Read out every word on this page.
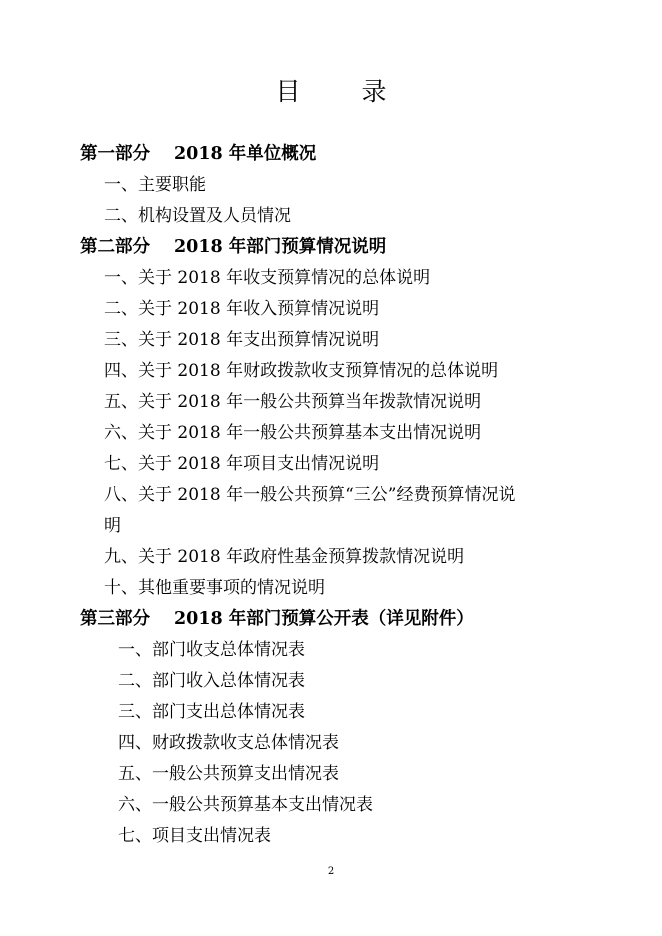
目　录
第一部分 2018 年单位概况
一、主要职能
二、机构设置及人员情况
第二部分 2018 年部门预算情况说明
一、关于 2018 年收支预算情况的总体说明
二、关于 2018 年收入预算情况说明
三、关于 2018 年支出预算情况说明
四、关于 2018 年财政拨款收支预算情况的总体说明
五、关于 2018 年一般公共预算当年拨款情况说明
六、关于 2018 年一般公共预算基本支出情况说明
七、关于 2018 年项目支出情况说明
八、关于 2018 年一般公共预算“三公”经费预算情况说
明
九、关于 2018 年政府性基金预算拨款情况说明
十、其他重要事项的情况说明
第三部分 2018 年部门预算公开表（详见附件）
一、部门收支总体情况表
二、部门收入总体情况表
三、部门支出总体情况表
四、财政拨款收支总体情况表
五、一般公共预算支出情况表
六、一般公共预算基本支出情况表
七、项目支出情况表
2
